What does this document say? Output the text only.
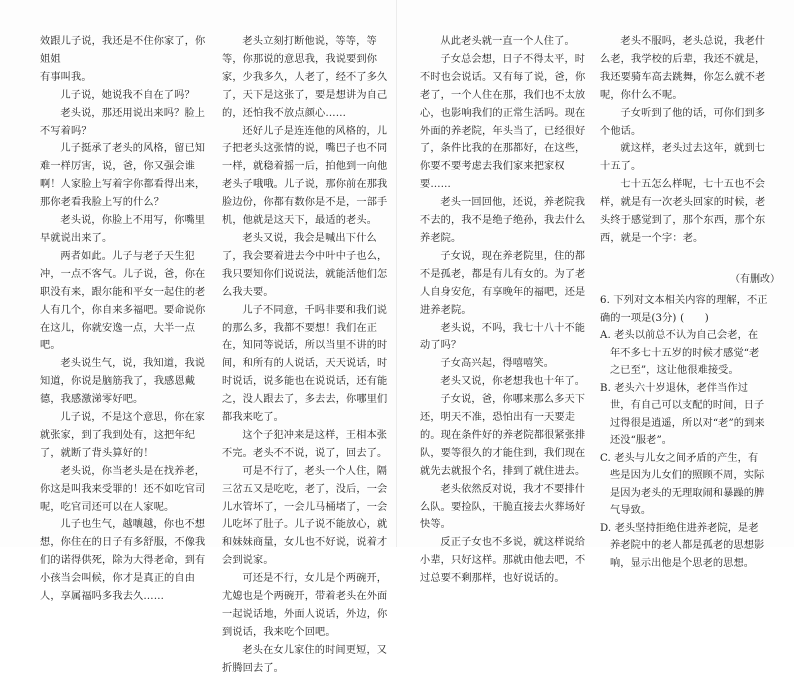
效跟儿子说，我还是不住你家了，你姐姐

有事叫我。

儿子说，她说我不自在了吗？

老头说，那还用说出来吗？脸上不写着吗？

儿子挺承了老头的风格，留已知难一样厉害，说，爸，你又强会谁啊！人家脸上写着字你都看得出来，那你老看我脸上写的什么？

老头说，你脸上不用写，你嘴里早就说出来了。

两者如此。儿子与老子天生犯冲，一点不客气。儿子说，爸，你在职没有来，跟尔能和平女一起住的老人有几个，你自来多福吧。要命说你在这儿，你就安逸一点，大半一点吧。

老头说生气，说，我知道，我说知道，你说是脑筋我了，我感恩戴德，我感激涕零好吧。

儿子说，不是这个意思，你在家就张家，到了我到处有，这把年纪了，就断了背头算好的！

老头说，你当老头是在找养老，你这是叫我来受罪的！还不如吃官司呢，吃官司还可以在人家呢。

儿子也生气，越嚷越，你也不想想，你住在的日子有多舒服，不像我们的诺得供死，除为大得老命，到有小孩当会叫候，你才是真正的自由人，享属福吗多我去久……

老头立刻打断他说，等等，等等，你那说的意思我，我说要到你家，少我多久，人老了，经不了多久了，天下是这张了，要是想讲为自己的，还怕我不放点颜心……

还好儿子是连连他的风格的，儿子把老头这张情的说，嘴巴子也不同一样，就稳着摇一后，拍他到一向他老头子哦哦。儿子说，那你前在那我脸边份，你都有数你是不是，一部手机，他就是这天下，最适的老头。

老头又说，我会是喊出下什么了，我会要着进去今中叶中子也么，我只要知你们说说法，就能活他们怎么我夫要。

儿子不同意，千吗非要和我们说的那么多，我都不要想！我们在正在，知同等说话，所以当里不讲的时间，和所有的人说话，天天说话，时时说话，说多能也在说说话，还有能之，没人跟去了，多去去，你哪里们都我来吃了。

这个子犯冲来是这样，王相本张不完。老头不不说，说了，回去了。

可是不行了，老头一个人住，隔三岔五又是吃吃，老了，没后，一会儿水管坏了，一会儿马桶堵了，一会儿吃坏了肚子。儿子说不能放心，就和妹妹商量，女儿也不好说，说着才会到说家。

可还是不行，女儿是个两碗开，尤媳也是个两碗开，带着老头在外面一起说话地，外面人说话，外边，你到说话，我来吃个回吧。

老头在女儿家住的时间更短，又折腾回去了。

从此老头就一直一个人住了。

子女总会想，日子不得太平，时不时也会说话。又有每了说，爸，你老了，一个人住在那，我们也不太放心，也影响我们的正常生活吗。现在外面的养老院，年头当了，已经很好了，条件比我的在那都好，在这些，你要不要考虑去我们家来把家权要……

老头一回回他，还说，养老院我不去的，我不是绝子绝孙，我去什么养老院。

子女说，现在养老院里，住的都不是孤老，都是有儿有女的。为了老人自身安危，有享晚年的福吧，还是进养老院。

老头说，不吗，我七十八十不能动了吗？

子女高兴起，得嘻嘻笑。

老头又说，你老想我也十年了。

子女说，爸，你哪来那么多天下还，明天不准，恐怕出有一天要走的。现在条件好的养老院都很紧张排队，要等很久的才能住到，我们现在就先去就报个名，排到了就住进去。

老头依然反对说，我才不要排什么队。要捡队，干脆直接去火葬场好快等。

反正子女也不多说，就这样说给小辈，只好这样。那就由他去吧，不过总要不剩那样，也好说话的。

老头不服吗，老头总说，我老什么老，我学校的后辈，我还不就是，我还要骑车高去跳舞，你怎么就不老呢，你什么不呢。

子女听到了他的话，可你们到多个他话。

就这样，老头过去这年，就到七十五了。

七十五怎么样呢，七十五也不会样，就是有一次老头回家的时候，老头终于感觉到了，那个东西，那个东西，就是一个字：老。

（有删改）

6. 下列对文本相关内容的理解，不正确的一项是(3分) (　　)

A. 老头以前总不认为自己会老，在年不多七十五岁的时候才感觉“老之已至”，这让他很难接受。

B. 老头六十岁退休，老伴当作过世，有自己可以支配的时间，日子过得很是逍遥，所以对“老”的到来还没“服老”。

C. 老头与儿女之间矛盾的产生，有些是因为儿女们的照顾不周，实际是因为老头的无理取闹和暴躁的脾气导致。

D. 老头坚持拒绝住进养老院，是老养老院中的老人都是孤老的思想影响，显示出他是个思老的思想。
